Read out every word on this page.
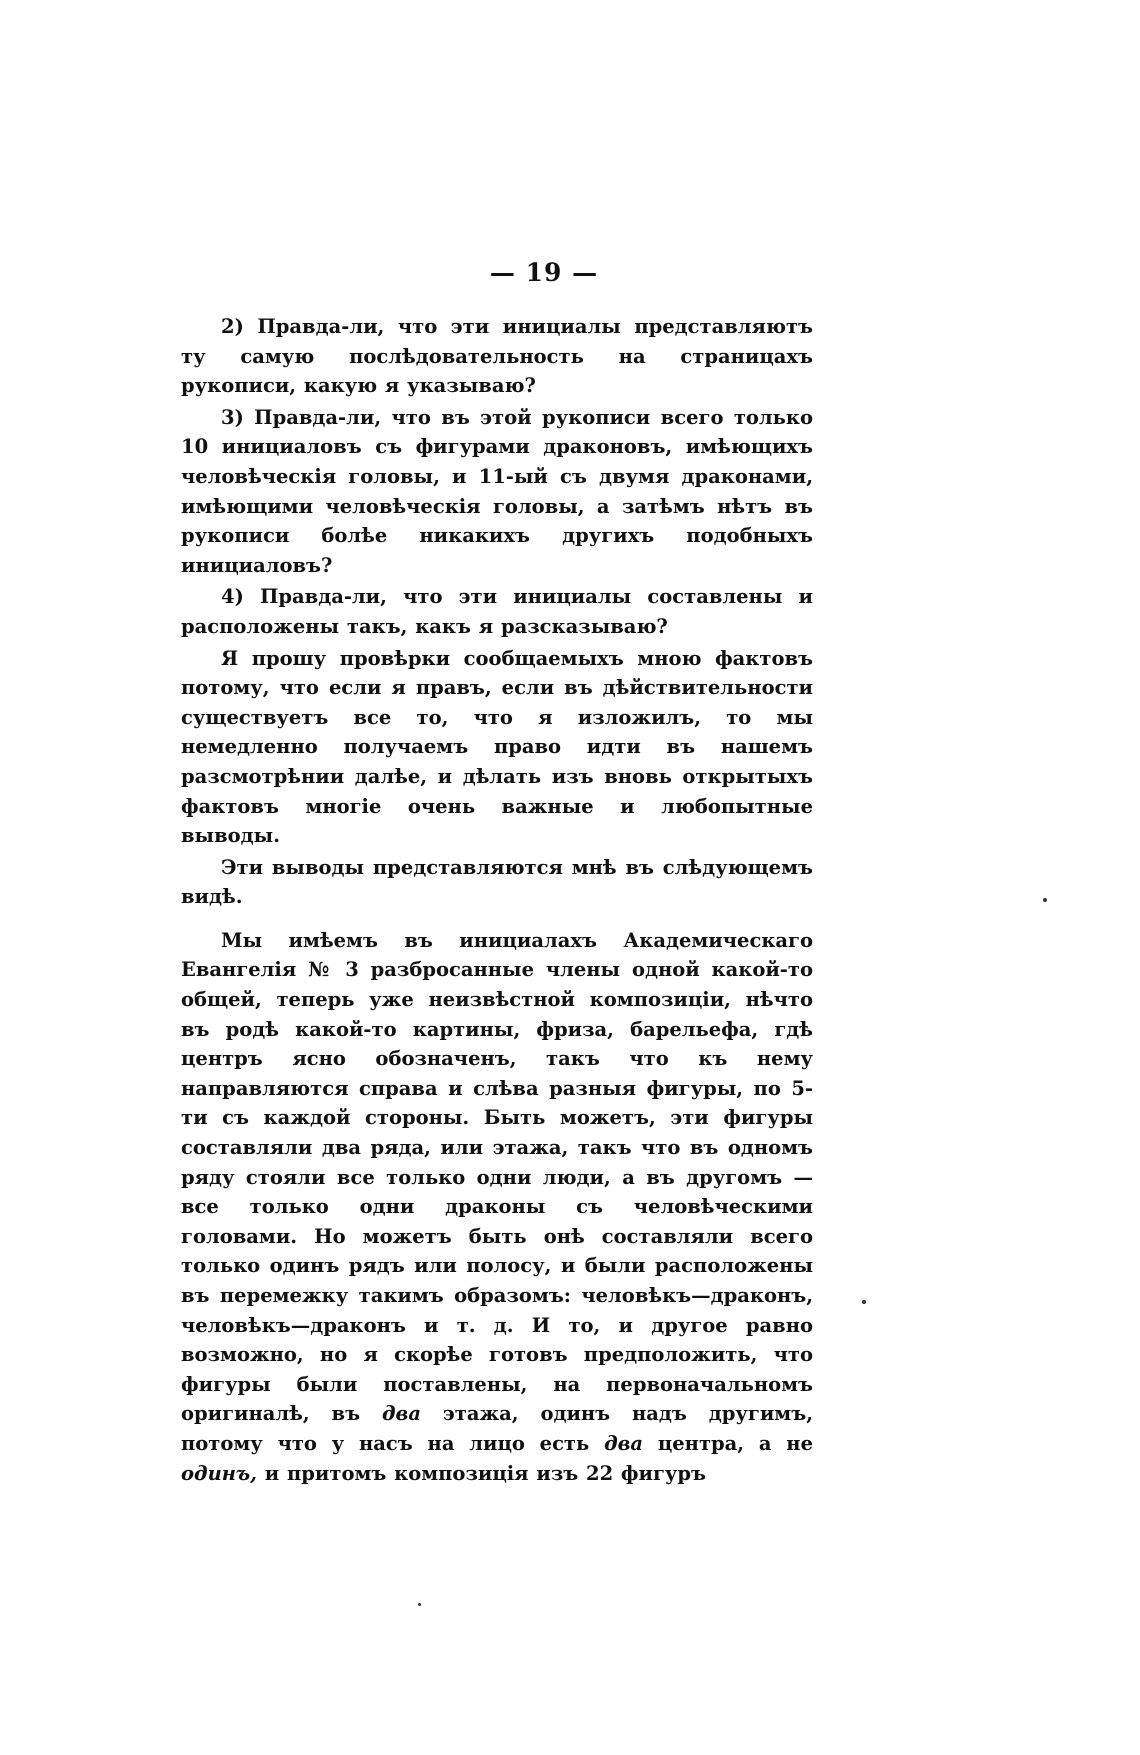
— 19 —

2) Правда-ли, что эти инициалы представляютъ ту самую послѣдовательность на страницахъ рукописи, какую я указываю?

3) Правда-ли, что въ этой рукописи всего только 10 инициаловъ съ фигурами драконовъ, имѣющихъ человѣческія головы, и 11-ый съ двумя драконами, имѣющими человѣческія головы, а затѣмъ нѣтъ въ рукописи болѣе никакихъ другихъ подобныхъ инициаловъ?

4) Правда-ли, что эти инициалы составлены и расположены такъ, какъ я разсказываю?

Я прошу провѣрки сообщаемыхъ мною фактовъ потому, что если я правъ, если въ дѣйствительности существуетъ все то, что я изложилъ, то мы немедленно получаемъ право идти въ нашемъ разсмотрѣнии далѣе, и дѣлать изъ вновь открытыхъ фактовъ многіе очень важные и любопытные выводы.

Эти выводы представляются мнѣ въ слѣдующемъ видѣ.

Мы имѣемъ въ инициалахъ Академическаго Евангелія № 3 разбросанные члены одной какой-то общей, теперь уже неизвѣстной композиціи, нѣчто въ родѣ какой-то картины, фриза, барельефа, гдѣ центръ ясно обозначенъ, такъ что къ нему направляются справа и слѣва разныя фигуры, по 5-ти съ каждой стороны. Быть можетъ, эти фигуры составляли два ряда, или этажа, такъ что въ одномъ ряду стояли все только одни люди, а въ другомъ — все только одни драконы съ человѣческими головами. Но можетъ быть онѣ составляли всего только одинъ рядъ или полосу, и были расположены въ перемежку такимъ образомъ: человѣкъ—драконъ, человѣкъ—драконъ и т. д. И то, и другое равно возможно, но я скорѣе готовъ предположить, что фигуры были поставлены, на первоначальномъ оригиналѣ, въ два этажа, одинъ надъ другимъ, потому что у насъ на лицо есть два центра, а не одинъ, и притомъ композиція изъ 22 фигуръ
